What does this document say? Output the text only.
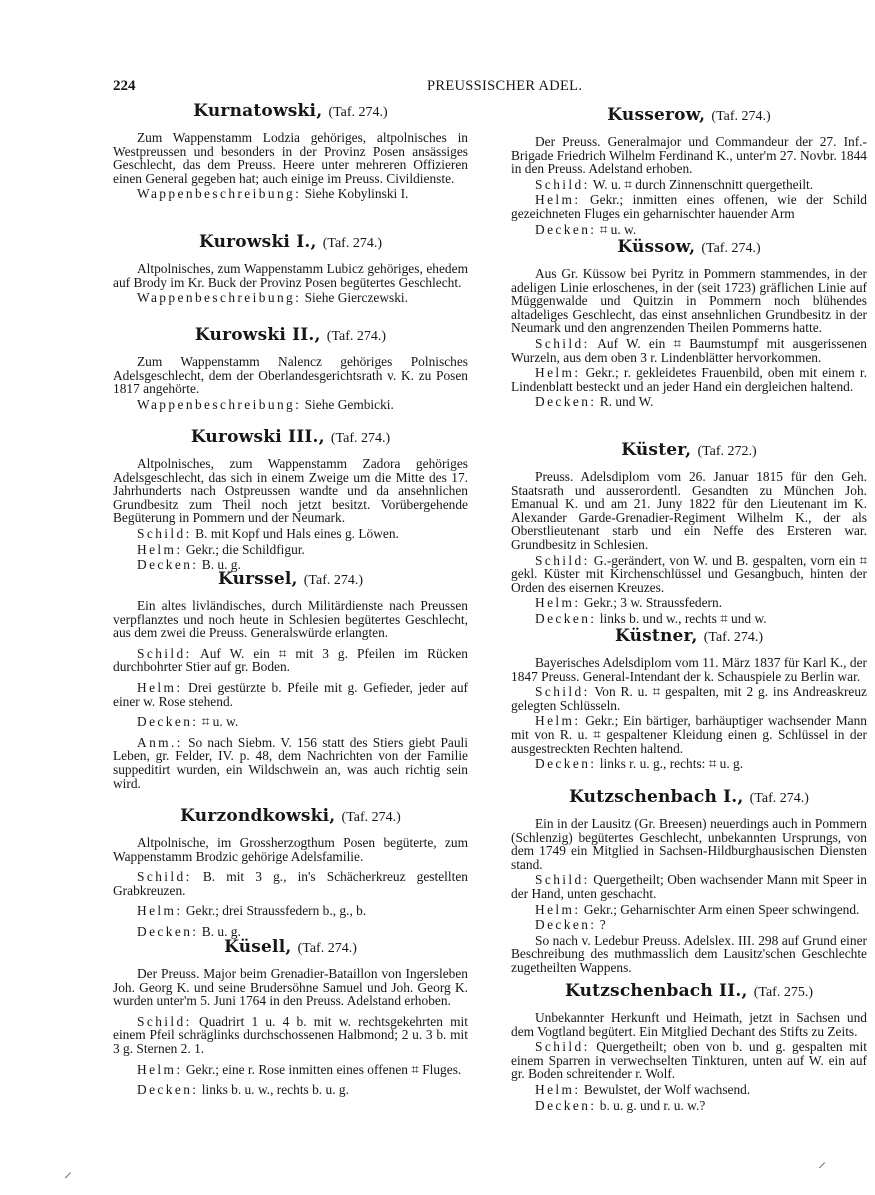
224	PREUSSISCHER ADEL.
Kurnatowski, (Taf. 274.)

Zum Wappenstamm Lodzia gehöriges, altpolnisches in Westpreussen und besonders in der Provinz Posen ansässiges Geschlecht, das dem Preuss. Heere unter mehreren Offizieren einen General gegeben hat; auch einige im Preuss. Civildienste.

Wappenbeschreibung: Siehe Kobylinski I.

Kurowski I., (Taf. 274.)

Altpolnisches, zum Wappenstamm Lubicz gehöriges, ehedem auf Brody im Kr. Buck der Provinz Posen begütertes Geschlecht.

Wappenbeschreibung: Siehe Gierczewski.

Kurowski II., (Taf. 274.)

Zum Wappenstamm Nalencz gehöriges Polnisches Adelsgeschlecht, dem der Oberlandesgerichtsrath v. K. zu Posen 1817 angehörte.

Wappenbeschreibung: Siehe Gembicki.

Kurowski III., (Taf. 274.)

Altpolnisches, zum Wappenstamm Zadora gehöriges Adelsgeschlecht, das sich in einem Zweige um die Mitte des 17. Jahrhunderts nach Ostpreussen wandte und da ansehnlichen Grundbesitz zum Theil noch jetzt besitzt. Vorübergehende Begüterung in Pommern und der Neumark.

Schild: B. mit Kopf und Hals eines g. Löwen.

Helm: Gekr.; die Schildfigur.

Decken: B. u. g.

Kurssel, (Taf. 274.)

Ein altes livländisches, durch Militärdienste nach Preussen verpflanztes und noch heute in Schlesien begütertes Geschlecht, aus dem zwei die Preuss. Generalswürde erlangten.

Schild: Auf W. ein ⌗ mit 3 g. Pfeilen im Rücken durchbohrter Stier auf gr. Boden.

Helm: Drei gestürzte b. Pfeile mit g. Gefieder, jeder auf einer w. Rose stehend.

Decken: ⌗ u. w.

Anm.: So nach Siebm. V. 156 statt des Stiers giebt Pauli Leben, gr. Felder, IV. p. 48, dem Nachrichten von der Familie suppeditirt wurden, ein Wildschwein an, was auch richtig sein wird.

Kurzondkowski, (Taf. 274.)

Altpolnische, im Grossherzogthum Posen begüterte, zum Wappenstamm Brodzic gehörige Adelsfamilie.

Schild: B. mit 3 g., in's Schächerkreuz gestellten Grabkreuzen.

Helm: Gekr.; drei Straussfedern b., g., b.

Decken: B. u. g.

Küsell, (Taf. 274.)

Der Preuss. Major beim Grenadier-Bataillon von Ingersleben Joh. Georg K. und seine Brudersöhne Samuel und Joh. Georg K. wurden unter'm 5. Juni 1764 in den Preuss. Adelstand erhoben.

Schild: Quadrirt 1 u. 4 b. mit w. rechtsgekehrten mit einem Pfeil schräglinks durchschossenen Halbmond; 2 u. 3 b. mit 3 g. Sternen 2. 1.

Helm: Gekr.; eine r. Rose inmitten eines offenen ⌗ Fluges.

Decken: links b. u. w., rechts b. u. g.

Kusserow, (Taf. 274.)

Der Preuss. Generalmajor und Commandeur der 27. Inf.-Brigade Friedrich Wilhelm Ferdinand K., unter'm 27. Novbr. 1844 in den Preuss. Adelstand erhoben.

Schild: W. u. ⌗ durch Zinnenschnitt quergetheilt.

Helm: Gekr.; inmitten eines offenen, wie der Schild gezeichneten Fluges ein geharnischter hauender Arm

Decken: ⌗ u. w.

Küssow, (Taf. 274.)

Aus Gr. Küssow bei Pyritz in Pommern stammendes, in der adeligen Linie erloschenes, in der (seit 1723) gräflichen Linie auf Müggenwalde und Quitzin in Pommern noch blühendes altadeliges Geschlecht, das einst ansehnlichen Grundbesitz in der Neumark und den angrenzenden Theilen Pommerns hatte.

Schild: Auf W. ein ⌗ Baumstumpf mit ausgerissenen Wurzeln, aus dem oben 3 r. Lindenblätter hervorkommen.

Helm: Gekr.; r. gekleidetes Frauenbild, oben mit einem r. Lindenblatt besteckt und an jeder Hand ein dergleichen haltend.

Decken: R. und W.

Küster, (Taf. 272.)

Preuss. Adelsdiplom vom 26. Januar 1815 für den Geh. Staatsrath und ausserordentl. Gesandten zu München Joh. Emanual K. und am 21. Juny 1822 für den Lieutenant im K. Alexander Garde-Grenadier-Regiment Wilhelm K., der als Oberstlieutenant starb und ein Neffe des Ersteren war. Grundbesitz in Schlesien.

Schild: G.-gerändert, von W. und B. gespalten, vorn ein ⌗ gekl. Küster mit Kirchenschlüssel und Gesangbuch, hinten der Orden des eisernen Kreuzes.

Helm: Gekr.; 3 w. Straussfedern.

Decken: links b. und w., rechts ⌗ und w.

Küstner, (Taf. 274.)

Bayerisches Adelsdiplom vom 11. März 1837 für Karl K., der 1847 Preuss. General-Intendant der k. Schauspiele zu Berlin war.

Schild: Von R. u. ⌗ gespalten, mit 2 g. ins Andreaskreuz gelegten Schlüsseln.

Helm: Gekr.; Ein bärtiger, barhäuptiger wachsender Mann mit von R. u. ⌗ gespaltener Kleidung einen g. Schlüssel in der ausgestreckten Rechten haltend.

Decken: links r. u. g., rechts: ⌗ u. g.

Kutzschenbach I., (Taf. 274.)

Ein in der Lausitz (Gr. Breesen) neuerdings auch in Pommern (Schlenzig) begütertes Geschlecht, unbekannten Ursprungs, von dem 1749 ein Mitglied in Sachsen-Hildburghausischen Diensten stand.

Schild: Quergetheilt; Oben wachsender Mann mit Speer in der Hand, unten geschacht.

Helm: Gekr.; Geharnischter Arm einen Speer schwingend.

Decken: ?

So nach v. Ledebur Preuss. Adelslex. III. 298 auf Grund einer Beschreibung des muthmasslich dem Lausitz'schen Geschlechte zugetheilten Wappens.

Kutzschenbach II., (Taf. 275.)

Unbekannter Herkunft und Heimath, jetzt in Sachsen und dem Vogtland begütert. Ein Mitglied Dechant des Stifts zu Zeits.

Schild: Quergetheilt; oben von b. und g. gespalten mit einem Sparren in verwechselten Tinkturen, unten auf W. ein auf gr. Boden schreitender r. Wolf.

Helm: Bewulstet, der Wolf wachsend.

Decken: b. u. g. und r. u. w.?

⸝
⸝
